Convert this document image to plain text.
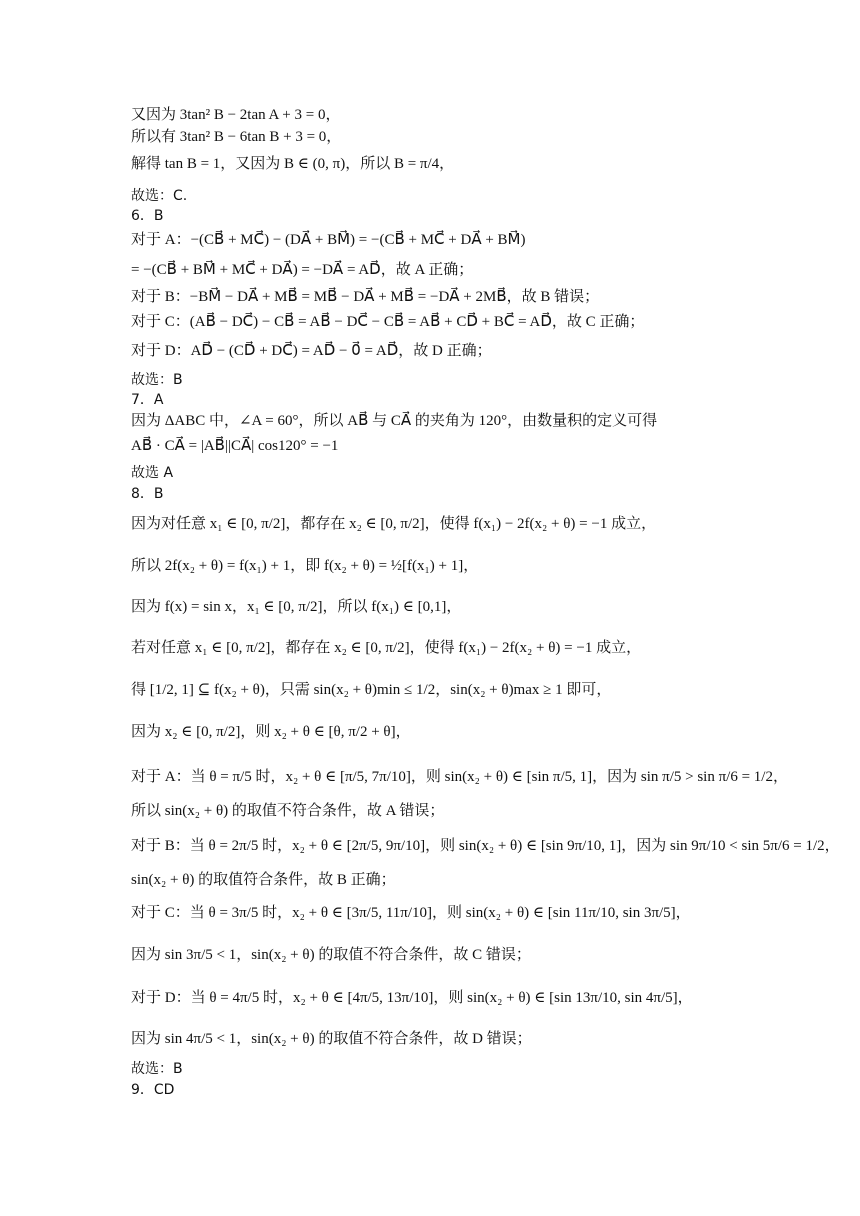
又因为 3tan² B − 2tan A + 3 = 0，
所以有 3tan² B − 6tan B + 3 = 0，
解得 tan B = 1，又因为 B ∈ (0, π)，所以 B = π/4，
故选：C.
6．B
对于 A：−(CB⃗ + MC⃗) − (DA⃗ + BM⃗) = −(CB⃗ + MC⃗ + DA⃗ + BM⃗)
= −(CB⃗ + BM⃗ + MC⃗ + DA⃗) = −DA⃗ = AD⃗，故 A 正确；
对于 B：−BM⃗ − DA⃗ + MB⃗ = MB⃗ − DA⃗ + MB⃗ = −DA⃗ + 2MB⃗，故 B 错误；
对于 C：(AB⃗ − DC⃗) − CB⃗ = AB⃗ − DC⃗ − CB⃗ = AB⃗ + CD⃗ + BC⃗ = AD⃗，故 C 正确；
对于 D：AD⃗ − (CD⃗ + DC⃗) = AD⃗ − 0⃗ = AD⃗，故 D 正确；
故选：B
7．A
因为 ΔABC 中，∠A = 60°，所以 AB⃗ 与 CA⃗ 的夹角为 120°，由数量积的定义可得
AB⃗ · CA⃗ = |AB⃗||CA⃗| cos120° = −1
故选 A
8．B
因为对任意 x₁ ∈ [0, π/2]，都存在 x₂ ∈ [0, π/2]，使得 f(x₁) − 2f(x₂ + θ) = −1 成立，
所以 2f(x₂ + θ) = f(x₁) + 1，即 f(x₂ + θ) = ½[f(x₁) + 1]，
因为 f(x) = sin x，x₁ ∈ [0, π/2]，所以 f(x₁) ∈ [0,1]，
若对任意 x₁ ∈ [0, π/2]，都存在 x₂ ∈ [0, π/2]，使得 f(x₁) − 2f(x₂ + θ) = −1 成立，
得 [1/2, 1] ⊆ f(x₂ + θ)，只需 sin(x₂ + θ)min ≤ 1/2，sin(x₂ + θ)max ≥ 1 即可，
因为 x₂ ∈ [0, π/2]，则 x₂ + θ ∈ [θ, π/2 + θ]，
对于 A：当 θ = π/5 时，x₂ + θ ∈ [π/5, 7π/10]，则 sin(x₂ + θ) ∈ [sin π/5, 1]，因为 sin π/5 > sin π/6 = 1/2，
所以 sin(x₂ + θ) 的取值不符合条件，故 A 错误；
对于 B：当 θ = 2π/5 时，x₂ + θ ∈ [2π/5, 9π/10]，则 sin(x₂ + θ) ∈ [sin 9π/10, 1]，因为 sin 9π/10 < sin 5π/6 = 1/2，
sin(x₂ + θ) 的取值符合条件，故 B 正确；
对于 C：当 θ = 3π/5 时，x₂ + θ ∈ [3π/5, 11π/10]，则 sin(x₂ + θ) ∈ [sin 11π/10, sin 3π/5]，
因为 sin 3π/5 < 1，sin(x₂ + θ) 的取值不符合条件，故 C 错误；
对于 D：当 θ = 4π/5 时，x₂ + θ ∈ [4π/5, 13π/10]，则 sin(x₂ + θ) ∈ [sin 13π/10, sin 4π/5]，
因为 sin 4π/5 < 1，sin(x₂ + θ) 的取值不符合条件，故 D 错误；
故选：B
9．CD
